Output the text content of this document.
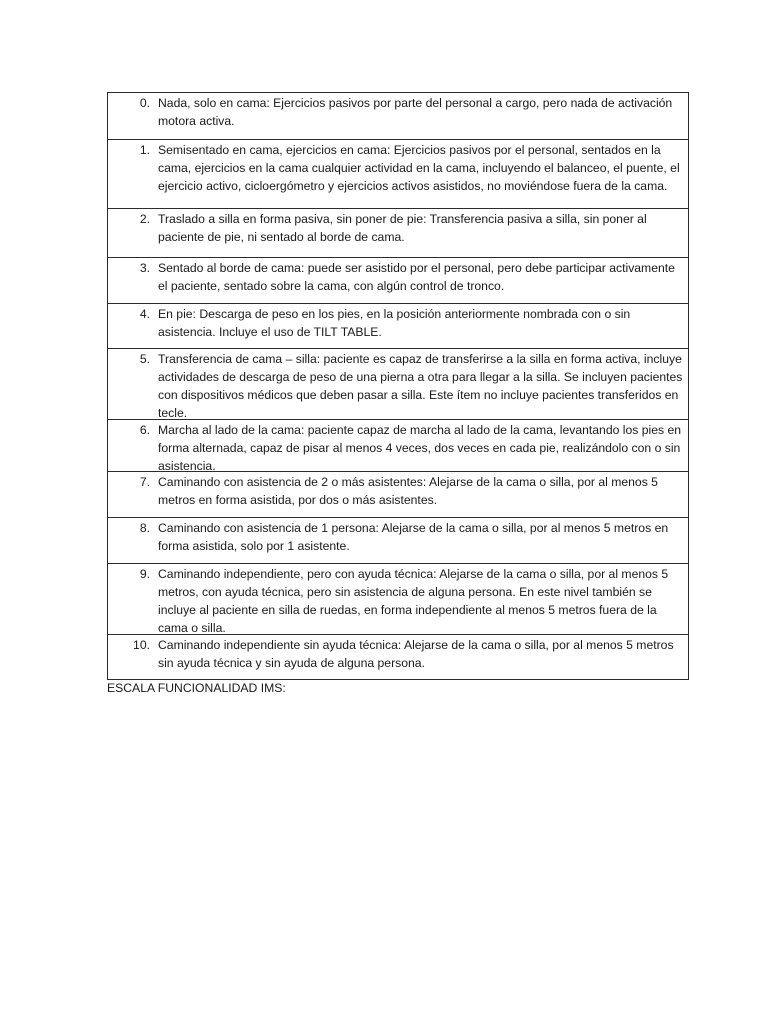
0. Nada, solo en cama: Ejercicios pasivos por parte del personal a cargo, pero nada de activación motora activa.
1. Semisentado en cama, ejercicios en cama: Ejercicios pasivos por el personal, sentados en la cama, ejercicios en la cama cualquier actividad en la cama, incluyendo el balanceo, el puente, el ejercicio activo, cicloergómetro y ejercicios activos asistidos, no moviéndose fuera de la cama.
2. Traslado a silla en forma pasiva, sin poner de pie: Transferencia pasiva a silla, sin poner al paciente de pie, ni sentado al borde de cama.
3. Sentado al borde de cama: puede ser asistido por el personal, pero debe participar activamente el paciente, sentado sobre la cama, con algún control de tronco.
4. En pie: Descarga de peso en los pies, en la posición anteriormente nombrada con o sin asistencia. Incluye el uso de TILT TABLE.
5. Transferencia de cama – silla: paciente es capaz de transferirse a la silla en forma activa, incluye actividades de descarga de peso de una pierna a otra para llegar a la silla. Se incluyen pacientes con dispositivos médicos que deben pasar a silla. Este ítem no incluye pacientes transferidos en tecle.
6. Marcha al lado de la cama: paciente capaz de marcha al lado de la cama, levantando los pies en forma alternada, capaz de pisar al menos 4 veces, dos veces en cada pie, realizándolo con o sin asistencia.
7. Caminando con asistencia de 2 o más asistentes: Alejarse de la cama o silla, por al menos 5 metros en forma asistida, por dos o más asistentes.
8. Caminando con asistencia de 1 persona: Alejarse de la cama o silla, por al menos 5 metros en forma asistida, solo por 1 asistente.
9. Caminando independiente, pero con ayuda técnica: Alejarse de la cama o silla, por al menos 5 metros, con ayuda técnica, pero sin asistencia de alguna persona. En este nivel también se incluye al paciente en silla de ruedas, en forma independiente al menos 5 metros fuera de la cama o silla.
10. Caminando independiente sin ayuda técnica: Alejarse de la cama o silla, por al menos 5 metros sin ayuda técnica y sin ayuda de alguna persona.
ESCALA FUNCIONALIDAD IMS:
